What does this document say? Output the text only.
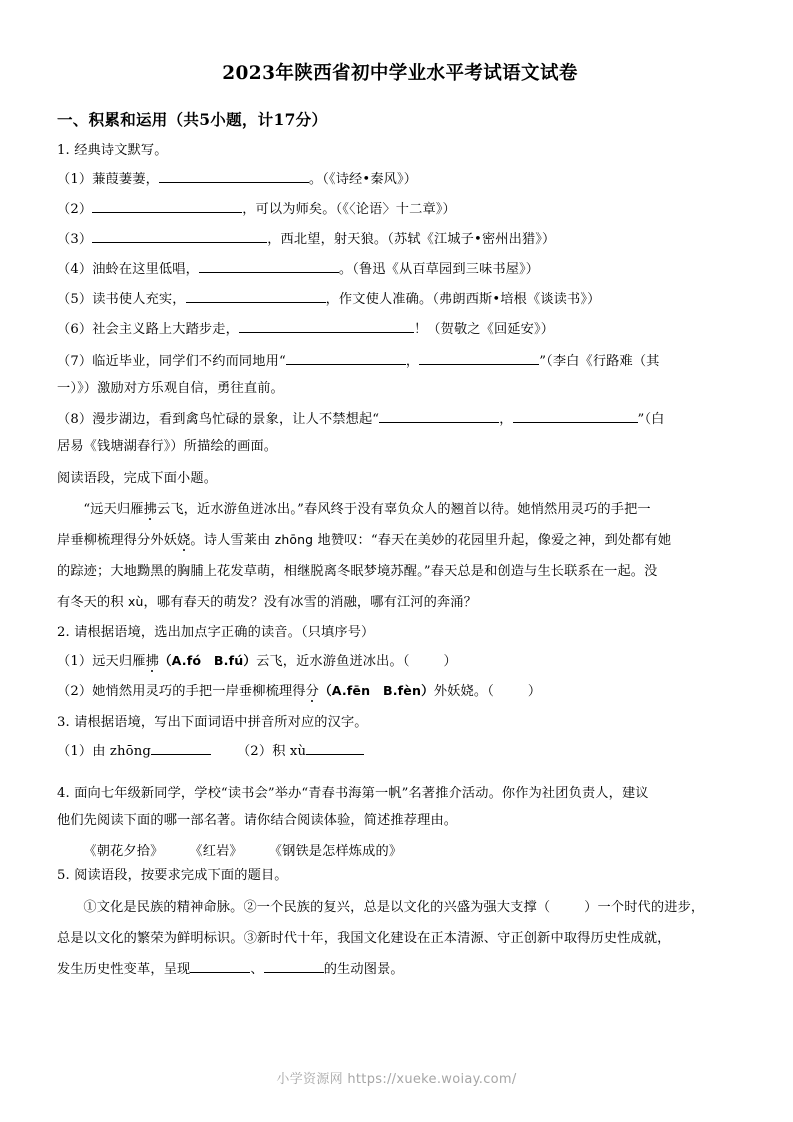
2023年陕西省初中学业水平考试语文试卷
一、积累和运用（共5小题，计17分）
1. 经典诗文默写。
（1）蒹葭萋萋，	。（《诗经•秦风》）
（2）	，可以为师矣。（《〈论语〉十二章》）
（3）	，西北望，射天狼。（苏轼《江城子•密州出猎》）
（4）油蛉在这里低唱，	。（鲁迅《从百草园到三味书屋》）
（5）读书使人充实，	，作文使人准确。（弗朗西斯•培根《谈读书》）
（6）社会主义路上大踏步走，	！（贺敬之《回延安》）
（7）临近毕业，同学们不约而同地用“	，	”（李白《行路难（其
一）》）激励对方乐观自信，勇往直前。
（8）漫步湖边，看到禽鸟忙碌的景象，让人不禁想起“	，	”（白
居易《钱塘湖春行》）所描绘的画面。
阅读语段，完成下面小题。
“远天归雁拂云飞，近水游鱼迸冰出。”春风终于没有辜负众人的翘首以待。她悄然用灵巧的手把一
岸垂柳梳理得分外妖娆。诗人雪莱由 zhōng 地赞叹：“春天在美妙的花园里升起，像爱之神，到处都有她
的踪迹；大地黝黑的胸脯上花发草萌，相继脱离冬眠梦境苏醒。”春天总是和创造与生长联系在一起。没
有冬天的积 xù，哪有春天的萌发？没有冰雪的消融，哪有江河的奔涌？
2. 请根据语境，选出加点字正确的读音。（只填序号）
（1）远天归雁拂（A.fó　B.fú）云飞，近水游鱼迸冰出。（	）
（2）她悄然用灵巧的手把一岸垂柳梳理得分（A.fēn　B.fèn）外妖娆。（	）
3. 请根据语境，写出下面词语中拼音所对应的汉字。
（1）由 zhōng	（2）积 xù
4. 面向七年级新同学，学校“读书会”举办“青春书海第一帆”名著推介活动。你作为社团负责人，建议
他们先阅读下面的哪一部名著。请你结合阅读体验，简述推荐理由。
《朝花夕拾》 《红岩》 《钢铁是怎样炼成的》
5. 阅读语段，按要求完成下面的题目。
①文化是民族的精神命脉。②一个民族的复兴，总是以文化的兴盛为强大支撑（	）一个时代的进步，
总是以文化的繁荣为鲜明标识。③新时代十年，我国文化建设在正本清源、守正创新中取得历史性成就，
发生历史性变革，呈现	、	的生动图景。
小学资源网 https://xueke.woiay.com/
